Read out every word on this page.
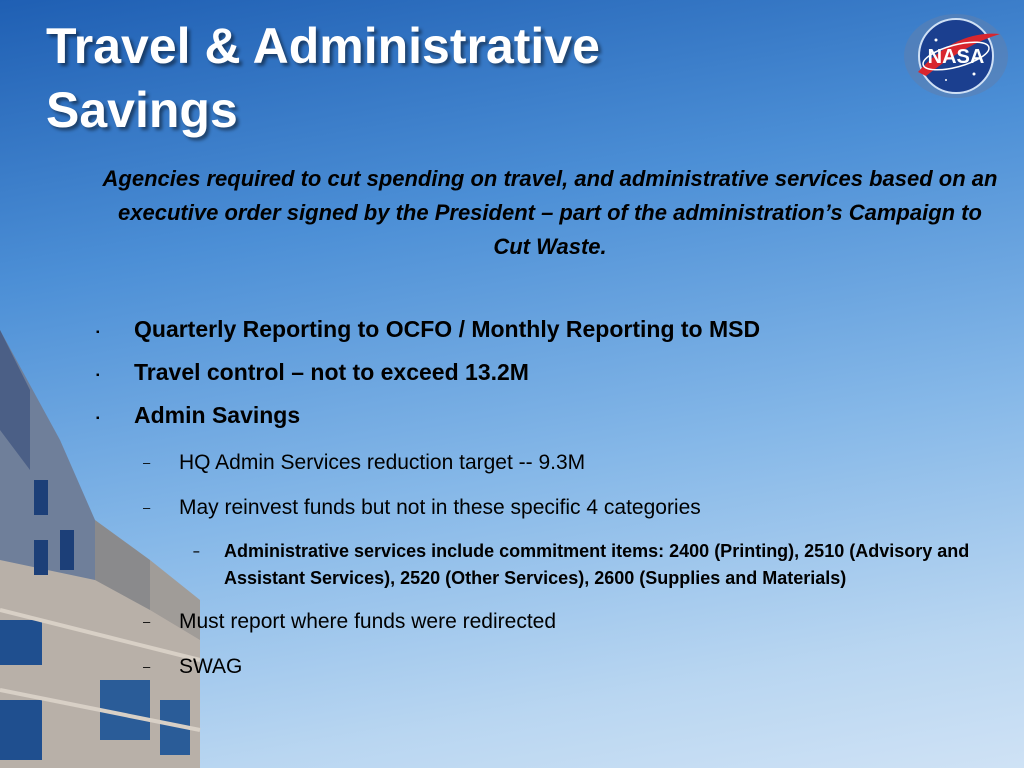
Travel & Administrative
Savings
NASA
Agencies required to cut spending on travel, and administrative services based on an executive order signed by the President – part of the administration’s Campaign to Cut Waste.
▪ Quarterly Reporting to OCFO / Monthly Reporting to MSD
▪ Travel control – not to exceed 13.2M
▪ Admin Savings
– HQ Admin Services reduction target -- 9.3M
– May reinvest funds but not in these specific 4 categories
– Administrative services include commitment items: 2400 (Printing), 2510 (Advisory and Assistant Services), 2520 (Other Services), 2600 (Supplies and Materials)
– Must report where funds were redirected
– SWAG
